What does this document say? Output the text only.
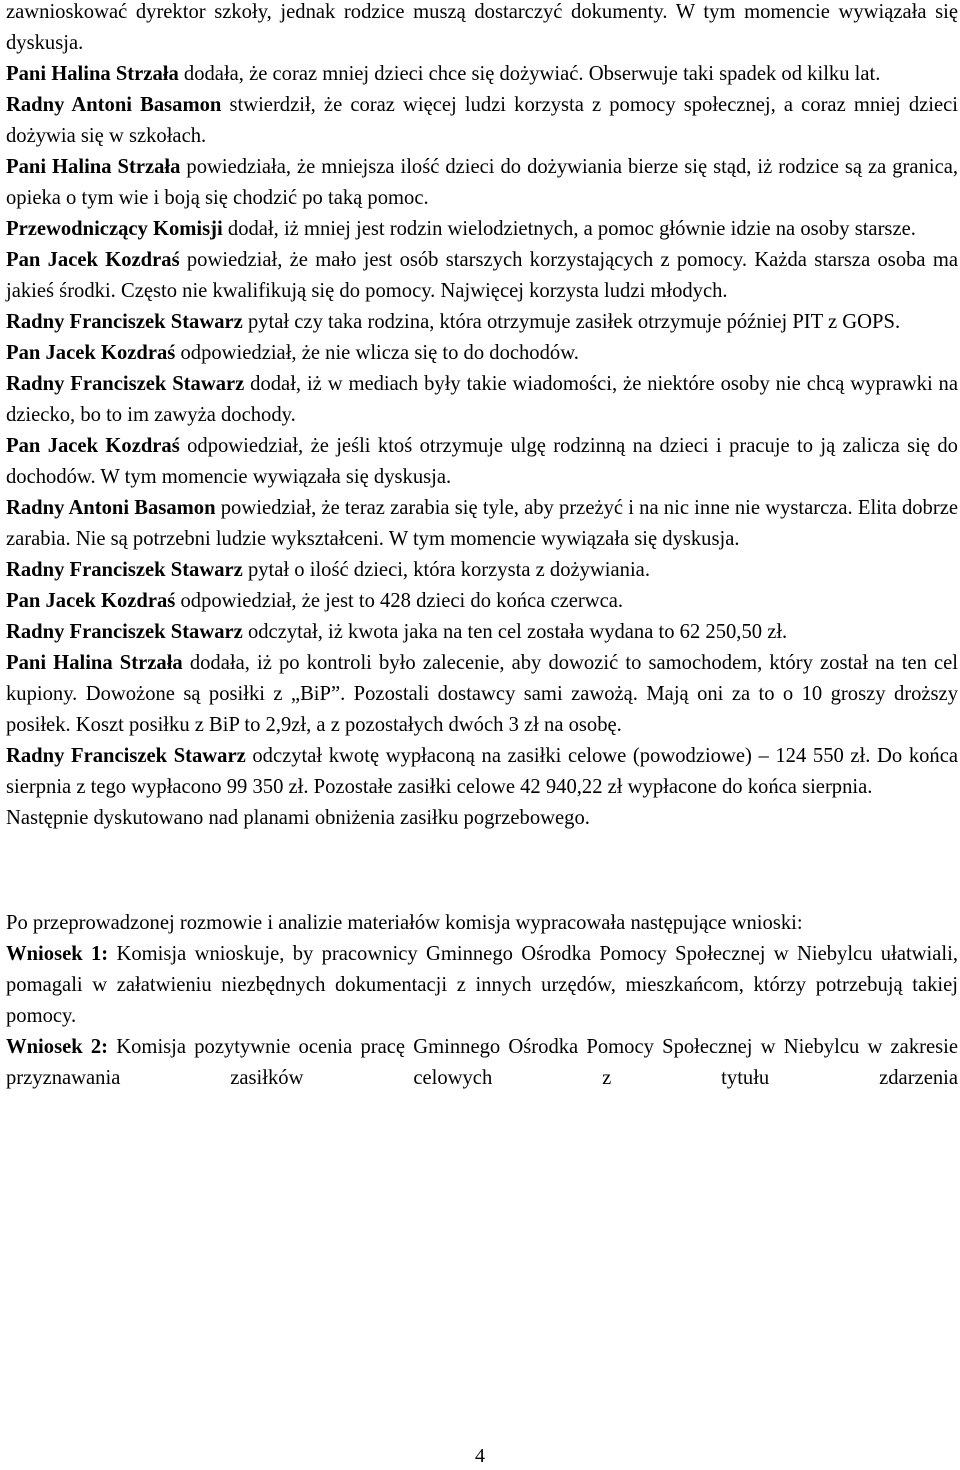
zawnioskować dyrektor szkoły, jednak rodzice muszą dostarczyć dokumenty. W tym momencie wywiązała się dyskusja.

Pani Halina Strzała dodała, że coraz mniej dzieci chce się dożywiać. Obserwuje taki spadek od kilku lat.

Radny Antoni Basamon stwierdził, że coraz więcej ludzi korzysta z pomocy społecznej, a coraz mniej dzieci dożywia się w szkołach.

Pani Halina Strzała powiedziała, że mniejsza ilość dzieci do dożywiania bierze się stąd, iż rodzice są za granica, opieka o tym wie i boją się chodzić po taką pomoc.

Przewodniczący Komisji dodał, iż mniej jest rodzin wielodzietnych, a pomoc głównie idzie na osoby starsze.

Pan Jacek Kozdraś powiedział, że mało jest osób starszych korzystających z pomocy. Każda starsza osoba ma jakieś środki. Często nie kwalifikują się do pomocy. Najwięcej korzysta ludzi młodych.

Radny Franciszek Stawarz pytał czy taka rodzina, która otrzymuje zasiłek otrzymuje później PIT z GOPS.

Pan Jacek Kozdraś odpowiedział, że nie wlicza się to do dochodów.

Radny Franciszek Stawarz dodał, iż w mediach były takie wiadomości, że niektóre osoby nie chcą wyprawki na dziecko, bo to im zawyża dochody.

Pan Jacek Kozdraś odpowiedział, że jeśli ktoś otrzymuje ulgę rodzinną na dzieci i pracuje to ją zalicza się do dochodów. W tym momencie wywiązała się dyskusja.

Radny Antoni Basamon powiedział, że teraz zarabia się tyle, aby przeżyć i na nic inne nie wystarcza. Elita dobrze zarabia. Nie są potrzebni ludzie wykształceni. W tym momencie wywiązała się dyskusja.

Radny Franciszek Stawarz pytał o ilość dzieci, która korzysta z dożywiania.

Pan Jacek Kozdraś odpowiedział, że jest to 428 dzieci do końca czerwca.

Radny Franciszek Stawarz odczytał, iż kwota jaka na ten cel została wydana to 62 250,50 zł.

Pani Halina Strzała dodała, iż po kontroli było zalecenie, aby dowozić to samochodem, który został na ten cel kupiony. Dowożone są posiłki z „BiP”. Pozostali dostawcy sami zawożą. Mają oni za to o 10 groszy droższy posiłek. Koszt posiłku z BiP to 2,9zł, a z pozostałych dwóch 3 zł na osobę.

Radny Franciszek Stawarz odczytał kwotę wypłaconą na zasiłki celowe (powodziowe) – 124 550 zł. Do końca sierpnia z tego wypłacono 99 350 zł. Pozostałe zasiłki celowe 42 940,22 zł wypłacone do końca sierpnia.

Następnie dyskutowano nad planami obniżenia zasiłku pogrzebowego.

Po przeprowadzonej rozmowie i analizie materiałów komisja wypracowała następujące wnioski:

Wniosek 1: Komisja wnioskuje, by pracownicy Gminnego Ośrodka Pomocy Społecznej w Niebylcu ułatwiali, pomagali w załatwieniu niezbędnych dokumentacji z innych urzędów, mieszkańcom, którzy potrzebują takiej pomocy.

Wniosek 2: Komisja pozytywnie ocenia pracę Gminnego Ośrodka Pomocy Społecznej w Niebylcu w zakresie przyznawania zasiłków celowych z tytułu zdarzenia

4
